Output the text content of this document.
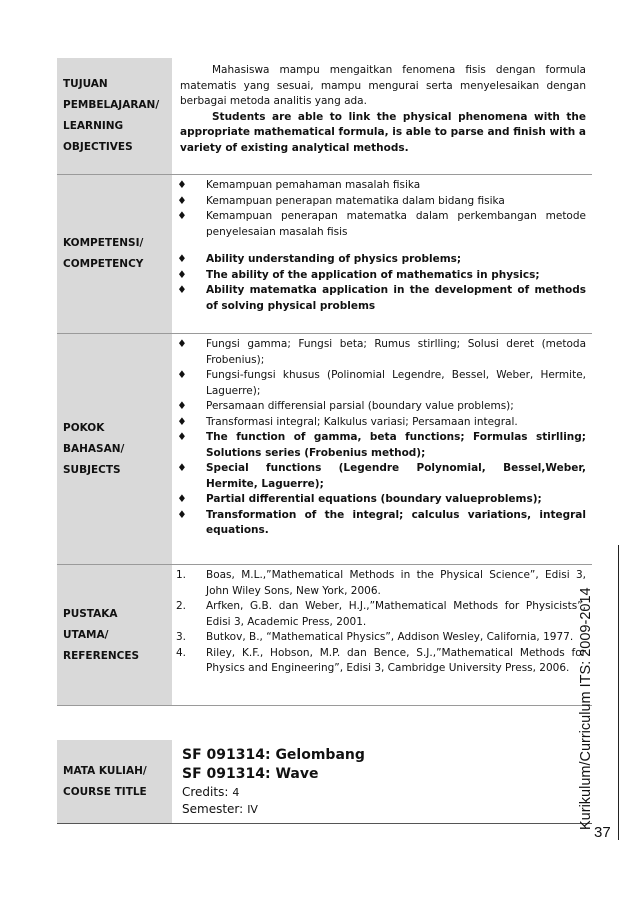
TUJUAN
PEMBELAJARAN/
LEARNING
OBJECTIVES

Mahasiswa mampu mengaitkan fenomena fisis dengan formula matematis yang sesuai, mampu mengurai serta menyelesaikan dengan berbagai metoda analitis yang ada.

Students are able to link the physical phenomena with the appropriate mathematical formula, is able to parse and finish with a variety of existing analytical methods.

KOMPETENSI/
COMPETENCY
♦ Kemampuan pemahaman masalah fisika
♦ Kemampuan penerapan matematika dalam bidang fisika
♦ Kemampuan penerapan matematka dalam perkembangan metode penyelesaian masalah fisis
♦ Ability understanding of physics problems;
♦ The ability of the application of mathematics in physics;
♦ Ability matematka application in the development of methods of solving physical problems
POKOK
BAHASAN/
SUBJECTS
♦ Fungsi gamma; Fungsi beta; Rumus stirlling; Solusi deret (metoda Frobenius);
♦ Fungsi-fungsi khusus (Polinomial Legendre, Bessel, Weber, Hermite, Laguerre);
♦ Persamaan differensial parsial (boundary value problems);
♦ Transformasi integral; Kalkulus variasi; Persamaan integral.
♦ The function of gamma, beta functions; Formulas stirlling; Solutions series (Frobenius method);
♦ Special functions (Legendre Polynomial, Bessel,Weber, Hermite, Laguerre);
♦ Partial differential equations (boundary valueproblems);
♦ Transformation of the integral; calculus variations, integral equations.
PUSTAKA
UTAMA/
REFERENCES
1. Boas, M.L.,”Mathematical Methods in the Physical Science”, Edisi 3, John Wiley Sons, New York, 2006.
2. Arfken, G.B. dan Weber, H.J.,”Mathematical Methods for Physicists”, Edisi 3, Academic Press, 2001.
3. Butkov, B., “Mathematical Physics”, Addison Wesley, California, 1977.
4. Riley, K.F., Hobson, M.P. dan Bence, S.J.,”Mathematical Methods for Physics and Engineering”, Edisi 3, Cambridge University Press, 2006.
MATA KULIAH/
COURSE TITLE
SF 091314: Gelombang
SF 091314: Wave
Credits: 4
Semester: IV	Kurikulum/Curriculum ITS: 2009-2014
37
